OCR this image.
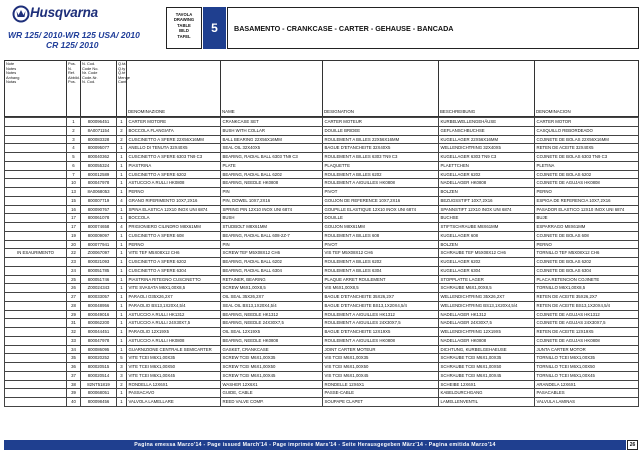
Husqvarna
WR 125/ 2010-WR 125 USA/ 2010
CR 125/ 2010
TAVOLA
DRAWING
TABLE
BILD
TAFEL
5	BASAMENTO - CRANKCASE - CARTER - GEHAUSE - BANCADA
Note
Notes
Notes
Anhang
Notas

Pos.
N.
Ref.
Abbild.
Pos.

N. Cod.
Code No.
Nr. Code
Code-Nr.
N. Cod.

Q.tà
Q.ty
Q.té
Menge
Cant.
	DENOMINAZIONE	NAME	DESIGNATION	BESCHREIBUNG	DENOMINACION
	1	800096451	1	CARTER MOTORE	CRANKCASE SET	CARTER MOTEUR	KURBELWELLENGEHÄUSE	CARTER MOTOR
	2	8A0071154	2	BOCCOLA FLANGIATA	BUSH WITH COLLAR	DOUILLE BRIDEE	GEFLANSCHBUCHSE	CASQUILLO REBORDEADO
	3	800083328	2	CUSCINETTO A SFERE 22X56X16MM	BALL BEARING 22X56X16MM	ROULEMENT A BILLES 22X56X16MM	KUGELLAGER 22X56X16MM	COJINETE DE BOLAS 22X56X16MM
	4	800095077	1	ANELLO DI TENUTA 32X40X5	SEAL OIL 32X40X5	BAGUE D'ETANCHEITE 32X40X5	WELLENDICHTRING 32X40X5	RETEN DE ACEITE 32X40X5
	5	800040362	1	CUSCINETTO A SFERE 6303 TN9 C3	BEARING, RADIAL BALL 6303 TN9 C3	ROULEMENT A BILLES 6303 TN9 C3	KUGELLAGER 6303 TN9 C3	COJINETE DE BOLAS 6303 TN9 C3
	6	800055324	1	PIASTRINA	PLATE	PLAQUETTE	PLAETTCHEN	PLETINA
	7	800012589	1	CUSCINETTO A SFERE 6202	BEARING, RADIAL BALL 6202	ROULEMENT A BILLES 6202	KUGELLAGER 6202	COJINETE DE BOLAS 6202
	10	800047978	1	ASTUCCIO A RULLI HK0808	BEARING, NEEDLE HK0808	ROULEMENT A AIGUILLES HK0808	NADELLAGER HK0808	COJINETE DE AGUJAS HK0808
	13	8A0068053	1	PERNO	PIN	PIVOT	BOLZEN	PERNO
	15	800007719	4	GRANO RIFERIMENTO 10X7,2X16	PIN, DOWEL 10X7,2X16	GOUJON DE REFERENCE 10X7,2X16	BEZUGSSTIFT 10X7,2X16	ESPIGA DE REFERENCIA 10X7,2X16
	16	800090767	1	SPINA ELASTICA 12X10 INOX UNI 6874	SPRING PIN 12X10 INOX UNI 6874	GOUPILLE ELASTIQUE 12X10 INOX UNI 6874	SPANNSTIFT 12X10 INOX UNI 6874	PASADOR ELASTICO 12X10 INOX UNI 6874
	17	800061078	1	BOCCOLA	BUSH	DOUILLE	BUCHSE	BUJE
	17	800074658	4	PRIGIONIERO CILINDRO M8X61MM	STUDBOLT M8X61MM	GOUJON M8X61MM	STIFTSCHRAUBE M8X61MM	ESPARRAGO M8X61MM
	19	800009097	1	CUSCINETTO A SFERE 608	BEARING, RADIAL BALL 608-2Z-7	ROULEMENT A BILLES 608	KUGELLAGER 608	COJINETE DE BOLAS 608
	20	800077941	1	PERNO	PIN	PIVOT	BOLZEN	PERNO
IN ESAURIMENTO	22	Z00067097	1	VITE TEF M5X08X12 CH6	SCREW TEF M5X08X12 CH6	VIS TEF M5X08X12 CH6	SCHRAUBE TEF M5X08X12 CH6	TORNILLO TEF M5X08X12 CH6
	23	800021093	1	CUSCINETTO A SFERE 6202	BEARING, RADIAL BALL 6202	ROULEMENT A BILLES 6202	KUGELLAGER 6202	COJINETE DE BOLAS 6202
	24	800051785	1	CUSCINETTO A SFERE 6304	BEARING, RADIAL BALL 6304	ROULEMENT A BILLES 6304	KUGELLAGER 6304	COJINETE DE BOLAS 6304
	25	800051746	1	PIASTRINA RITEGNO CUSCINETTO	RETAINER, BEARING	PLAQUE ARRET ROULEMENT	STOPPLATTE LAGER	PLACA RETENCION COJINETE
	26	Z00024343	1	VITE SVASATA M6X1,00X8,5	SCREW M6X1,00X8,5	VIS M6X1,00X8,5	SCHRAUBE M6X1,00X8,5	TORNILLO M6X1,00X8,5
	27	800033057	1	PARAOLI O35X26,2X7	OIL SEAL 35X26,2X7	BAGUE D'ETANCHEITE 35X26,2X7	WELLENDICHTRING 35X26,2X7	RETEN DE ACEITE 35X26,2X7
	28	800048956	1	PARAOLIO BS13,1X20X4,5/4	SEAL OIL BS13,1X20X4,5/4	BAGUE D'ETANCHEITE BS13,1X20X4,5/4	WELLENDICHTRING BS13,1X20X4,5/4	RETEN DE ACEITE BS13,1X20X4,5/4
	29	800049016	1	ASTUCCIO A RULLI HK1312	BEARING, NEEDLE HK1312	ROULEMENT A AIGUILLES HK1312	NADELLAGER HK1312	COJINETE DE AGUJAS HK1312
	31	800062200	1	ASTUCCIO A RULLI 24X30X7,5	BEARING, NEEDLE 24X30X7,5	ROULEMENT A AIGUILLES 24X30X7,5	NADELLAGER 24X30X7,5	COJINETE DE AGUJAS 24X30X7,5
	32	800044451	1	PARAOLIO 12X19X5	OIL SEAL 12X19X5	BAGUE D'ETANCHEITE 12X19X5	WELLENDICHTRING 12X19X5	RETEN DE ACEITE 12X19X5
	33	800047978	1	ASTUCCIO A RULLI HK0808	BEARING, NEEDLE HK0808	ROULEMENT A AIGUILLES HK0808	NADELLAGER HK0808	COJINETE DE AGUJAS HK0808
	34	800086095	1	GUARNIZIONE CENTRALE SEMICARTER	GASKET, CRANKCASE	JOINT CARTER MOTEUR	DICHTUNG, KURBELGEHAEUSE	JUNTA CARTER MOTOR
	35	800020252	5	VITE TCEI M6X1,00X35	SCREW TCEI M6X1,00X35	VIS TCEI M6X1,00X35	SCHRAUBE TCEI M6X1,00X35	TORNILLO TCEI M6X1,00X35
	36	800020515	3	VITE TCEI M6X1,00X50	SCREW TCEI M6X1,00X50	VIS TCEI M6X1,00X50	SCHRAUBE TCEI M6X1,00X50	TORNILLO TCEI M6X1,00X50
	37	800020514	3	VITE TCEI M6X1,00X45	SCREW TCEI M6X1,00X45	VIS TCEI M6X1,00X45	SCHRAUBE TCEI M6X1,00X45	TORNILLO TCEI M6X1,00X45
	38	82NT51819	2	RONDELLA 12X6X1	WASHER 12X6X1	RONDELLE 12X6X1	SCHEIBE 12X6X1	ARANDELA 12X6X1
	39	800068051	1	PASSACAVO	GUIDE, CABLE	PASSE-CABLE	KABELDURCHGANG	PASACABLES
	40	800098456	1	VALVOLA LAMELLARE	REED VALVE COMP.	SOUPAPE CLAPET	LAMELLENVENTIL	VALVULA LAMINAS
Pagina emessa Marzo'14 - Page issued March'14 - Page imprimée Mars'14 - Seite Herausgegeben März'14 - Pagina emitida Marzo'14	26
